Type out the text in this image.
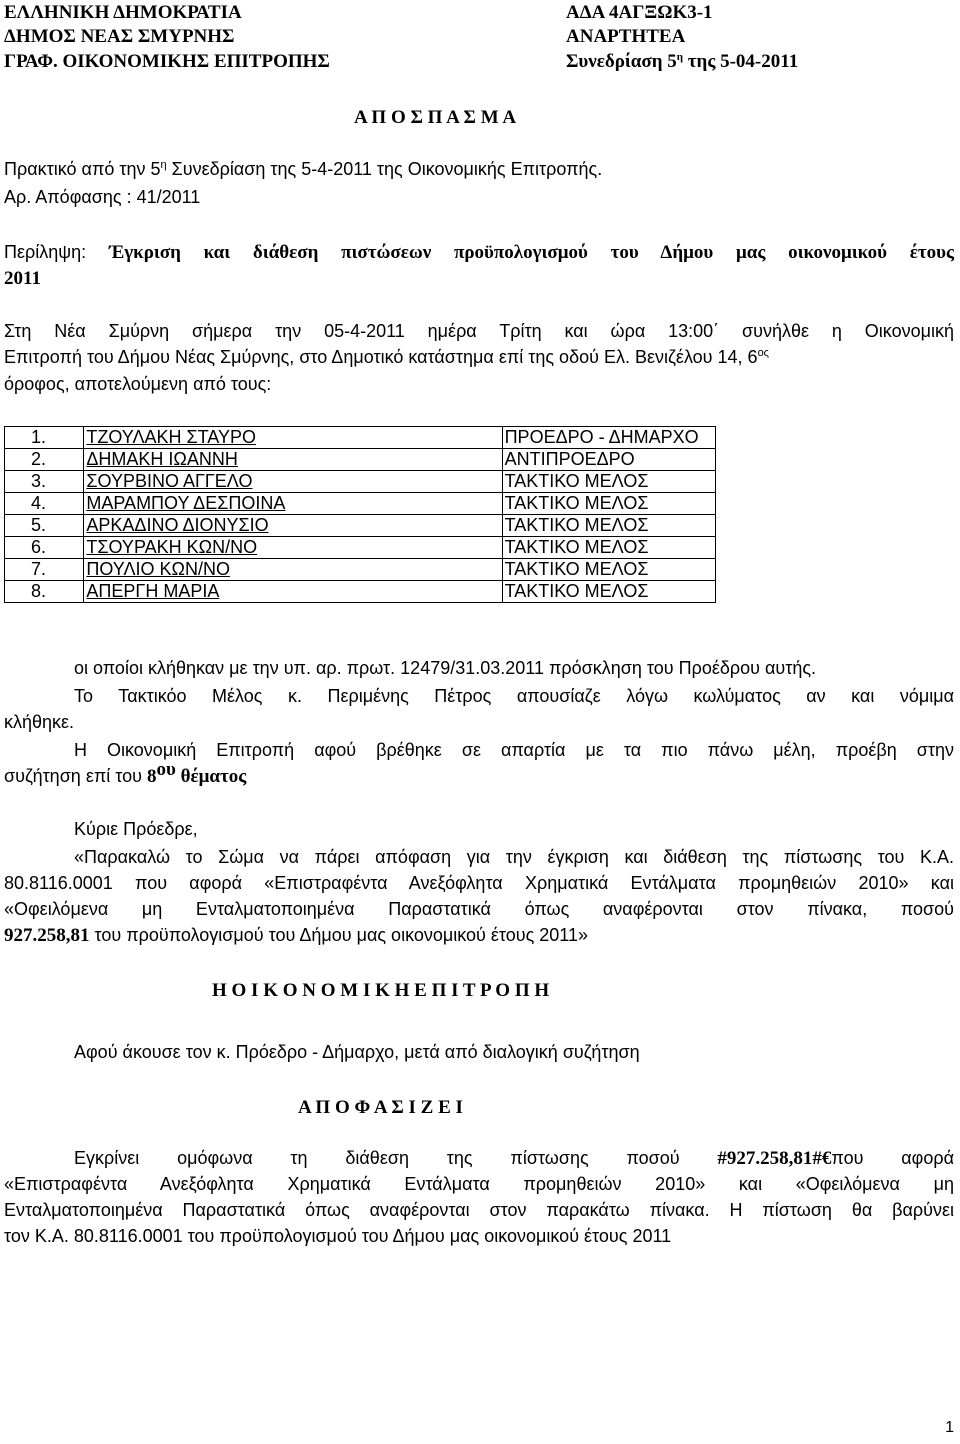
ΕΛΛΗΝΙΚΗ ΔΗΜΟΚΡΑΤΙΑ
ΔΗΜΟΣ ΝΕΑΣ ΣΜΥΡΝΗΣ
ΓΡΑΦ. ΟΙΚΟΝΟΜΙΚΗΣ ΕΠΙΤΡΟΠΗΣ
ΑΔΑ 4ΑΓΞΩΚ3-1
ΑΝΑΡΤΗΤΕΑ
Συνεδρίαση $5^\eta$ της 5-04-2011
Α Π Ο Σ Π Α Σ Μ Α
Πρακτικό από την $5^\eta$ Συνεδρίαση της 5-4-2011 της Οικονομικής Επιτροπής.
Αρ. Απόφασης : 41/2011
Περίληψη: Έγκριση και διάθεση πιστώσεων προϋπολογισμού του Δήμου μας οικονομικού έτους
2011
Στη Νέα Σμύρνη σήμερα την 05-4-2011 ημέρα Τρίτη και ώρα 13:00΄ συνήλθε η Οικονομική
Επιτροπή του Δήμου Νέας Σμύρνης, στο Δημοτικό κατάστημα επί της οδού Ελ. Βενιζέλου 14, $6^{o\varsigma}$
όροφος, αποτελούμενη από τους:
1.	ΤΖΟΥΛΑΚΗ ΣΤΑΥΡΟ	ΠΡΟΕΔΡΟ - ΔΗΜΑΡΧΟ
2.	ΔΗΜΑΚΗ ΙΩΑΝΝΗ	ΑΝΤΙΠΡΟΕΔΡΟ
3.	ΣΟΥΡΒΙΝΟ ΑΓΓΕΛΟ	ΤΑΚΤΙΚΟ ΜΕΛΟΣ
4.	ΜΑΡΑΜΠΟΥ ΔΕΣΠΟΙΝΑ	ΤΑΚΤΙΚΟ ΜΕΛΟΣ
5.	ΑΡΚΑΔΙΝΟ ΔΙΟΝΥΣΙΟ	ΤΑΚΤΙΚΟ ΜΕΛΟΣ
6.	ΤΣΟΥΡΑΚΗ ΚΩΝ/ΝΟ	ΤΑΚΤΙΚΟ ΜΕΛΟΣ
7.	ΠΟΥΛΙΟ ΚΩΝ/ΝΟ	ΤΑΚΤΙΚΟ ΜΕΛΟΣ
8.	ΑΠΕΡΓΗ ΜΑΡΙΑ	ΤΑΚΤΙΚΟ ΜΕΛΟΣ
οι οποίοι κλήθηκαν με την υπ. αρ. πρωτ. 12479/31.03.2011 πρόσκληση του Προέδρου αυτής.
Το Τακτικόο Μέλος κ. Περιμένης Πέτρος απουσίαζε λόγω κωλύματος αν και νόμιμα
κλήθηκε.
Η Οικονομική Επιτροπή αφού βρέθηκε σε απαρτία με τα πιο πάνω μέλη, προέβη στην
συζήτηση επί του $8^{o\upsilon}$ θέματος
Κύριε Πρόεδρε,
«Παρακαλώ το Σώμα να πάρει απόφαση για την έγκριση και διάθεση της πίστωσης του Κ.Α.
80.8116.0001 που αφορά «Επιστραφέντα Ανεξόφλητα Χρηματικά Εντάλματα προμηθειών 2010» και
«Οφειλόμενα μη Ενταλματοποιημένα Παραστατικά όπως αναφέρονται στον πίνακα, ποσού
927.258,81 του προϋπολογισμού του Δήμου μας οικονομικού έτους 2011»
Η Ο Ι Κ Ο Ν Ο Μ Ι Κ Η Ε Π Ι Τ Ρ Ο Π Η
Αφού άκουσε τον κ. Πρόεδρο - Δήμαρχο, μετά από διαλογική συζήτηση
Α Π Ο Φ Α Σ Ι Ζ Ε Ι
Εγκρίνει ομόφωνα τη διάθεση της πίστωσης ποσού #927.258,81#€που αφορά
«Επιστραφέντα Ανεξόφλητα Χρηματικά Εντάλματα προμηθειών 2010» και «Οφειλόμενα μη
Ενταλματοποιημένα Παραστατικά όπως αναφέρονται στον παρακάτω πίνακα. Η πίστωση θα βαρύνει
τον Κ.Α. 80.8116.0001 του προϋπολογισμού του Δήμου μας οικονομικού έτους 2011
1
